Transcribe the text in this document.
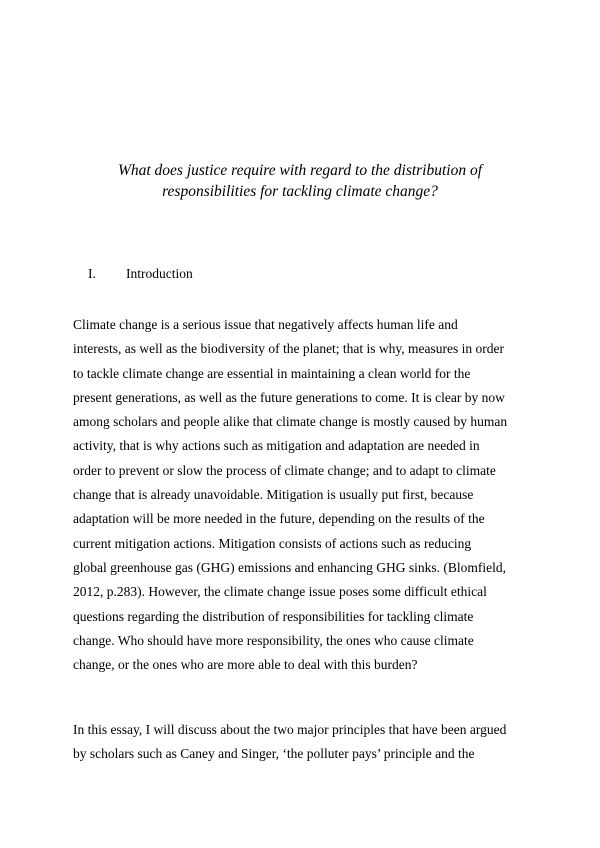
What does justice require with regard to the distribution of
responsibilities for tackling climate change?
I. Introduction
Climate change is a serious issue that negatively affects human life and
interests, as well as the biodiversity of the planet; that is why, measures in order
to tackle climate change are essential in maintaining a clean world for the
present generations, as well as the future generations to come. It is clear by now
among scholars and people alike that climate change is mostly caused by human
activity, that is why actions such as mitigation and adaptation are needed in
order to prevent or slow the process of climate change; and to adapt to climate
change that is already unavoidable. Mitigation is usually put first, because
adaptation will be more needed in the future, depending on the results of the
current mitigation actions. Mitigation consists of actions such as reducing
global greenhouse gas (GHG) emissions and enhancing GHG sinks. (Blomfield,
2012, p.283). However, the climate change issue poses some difficult ethical
questions regarding the distribution of responsibilities for tackling climate
change. Who should have more responsibility, the ones who cause climate
change, or the ones who are more able to deal with this burden?
In this essay, I will discuss about the two major principles that have been argued
by scholars such as Caney and Singer, ‘the polluter pays’ principle and the
